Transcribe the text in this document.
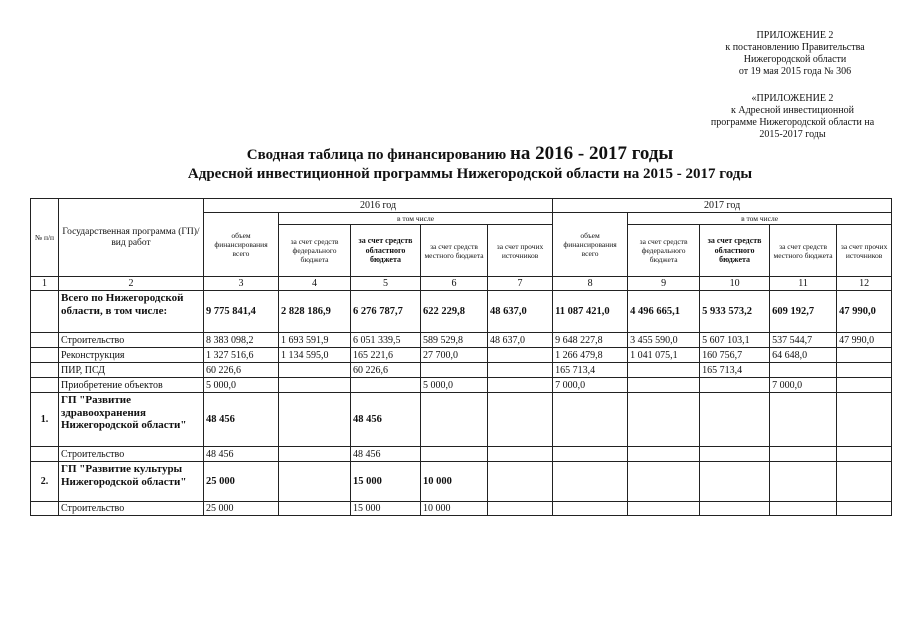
ПРИЛОЖЕНИЕ 2
к постановлению Правительства
Нижегородской области
от 19 мая 2015 года № 306
«ПРИЛОЖЕНИЕ 2
к Адресной инвестиционной
программе Нижегородской области на
2015-2017 годы
Сводная таблица по финансированию на 2016 - 2017 годы
Адресной инвестиционной программы Нижегородской области на 2015 - 2017 годы
№ п/п	Государственная программа (ГП)/ вид работ	2016 год					2017 год				
		объем финансирования всего	в том числе				объем финансирования всего	в том числе			
			за счет средств федерального бюджета	за счет средств областного бюджета	за счет средств местного бюджета	за счет прочих источников		за счет средств федерального бюджета	за счет средств областного бюджета	за счет средств местного бюджета	за счет прочих источников
1	2	3	4	5	6	7	8	9	10	11	12
	Всего по Нижегородской области, в том числе:	9 775 841,4	2 828 186,9	6 276 787,7	622 229,8	48 637,0	11 087 421,0	4 496 665,1	5 933 573,2	609 192,7	47 990,0
	Строительство	8 383 098,2	1 693 591,9	6 051 339,5	589 529,8	48 637,0	9 648 227,8	3 455 590,0	5 607 103,1	537 544,7	47 990,0
	Реконструкция	1 327 516,6	1 134 595,0	165 221,6	27 700,0		1 266 479,8	1 041 075,1	160 756,7	64 648,0	
	ПИР, ПСД	60 226,6		60 226,6			165 713,4		165 713,4		
	Приобретение объектов	5 000,0			5 000,0		7 000,0			7 000,0	
1.	ГП "Развитие здравоохранения Нижегородской области"	48 456		48 456							
	Строительство	48 456		48 456							
2.	ГП "Развитие культуры Нижегородской области"	25 000		15 000	10 000						
	Строительство	25 000		15 000	10 000						
